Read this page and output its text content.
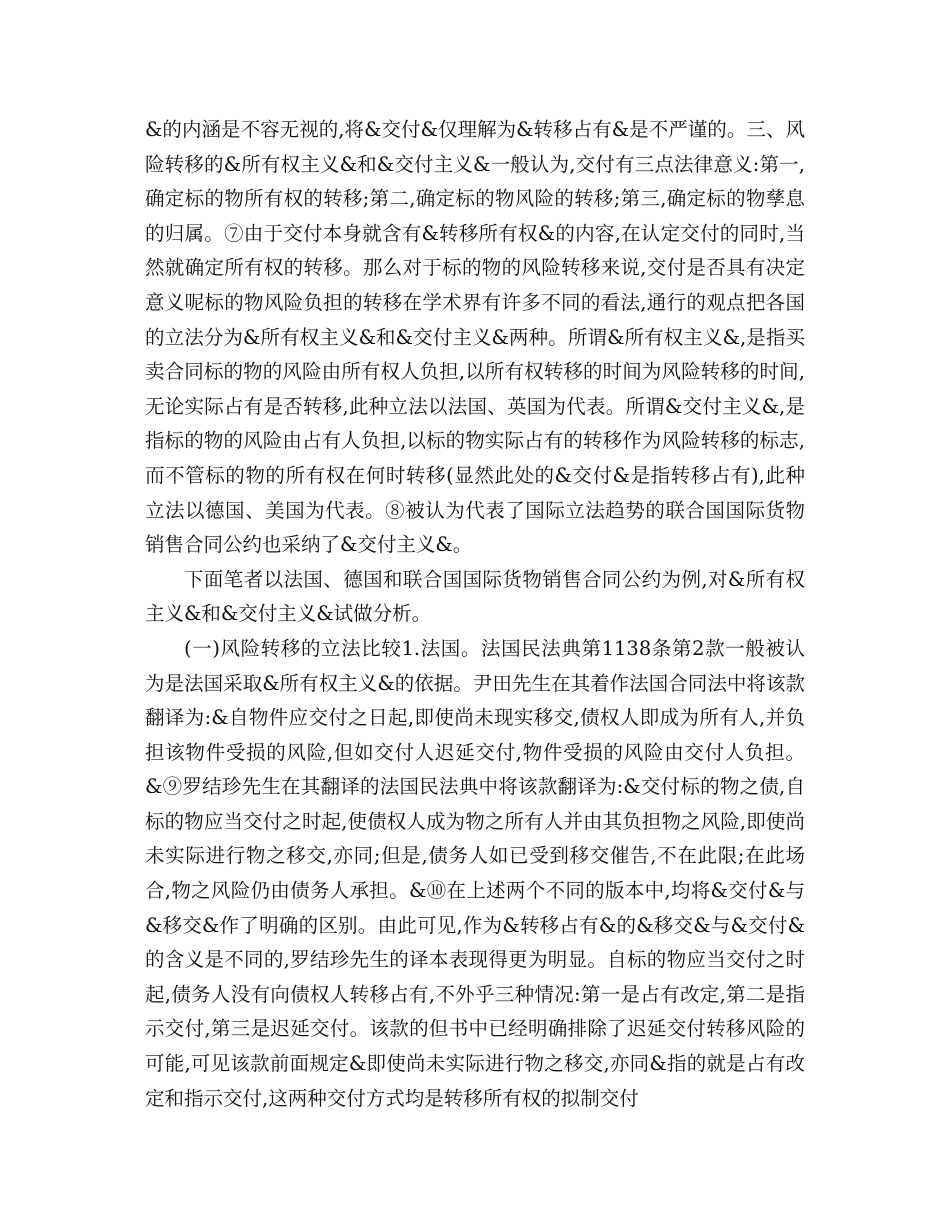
&的内涵是不容无视的,将&交付&仅理解为&转移占有&是不严谨的。三、风险转移的&所有权主义&和&交付主义&一般认为,交付有三点法律意义:第一,确定标的物所有权的转移;第二,确定标的物风险的转移;第三,确定标的物孳息的归属。⑦由于交付本身就含有&转移所有权&的内容,在认定交付的同时,当然就确定所有权的转移。那么对于标的物的风险转移来说,交付是否具有决定意义呢标的物风险负担的转移在学术界有许多不同的看法,通行的观点把各国的立法分为&所有权主义&和&交付主义&两种。所谓&所有权主义&,是指买卖合同标的物的风险由所有权人负担,以所有权转移的时间为风险转移的时间,无论实际占有是否转移,此种立法以法国、英国为代表。所谓&交付主义&,是指标的物的风险由占有人负担,以标的物实际占有的转移作为风险转移的标志,而不管标的物的所有权在何时转移(显然此处的&交付&是指转移占有),此种立法以德国、美国为代表。⑧被认为代表了国际立法趋势的联合国国际货物销售合同公约也采纳了&交付主义&。

下面笔者以法国、德国和联合国国际货物销售合同公约为例,对&所有权主义&和&交付主义&试做分析。

(一)风险转移的立法比较1.法国。法国民法典第1138条第2款一般被认为是法国采取&所有权主义&的依据。尹田先生在其着作法国合同法中将该款翻译为:&自物件应交付之日起,即使尚未现实移交,债权人即成为所有人,并负担该物件受损的风险,但如交付人迟延交付,物件受损的风险由交付人负担。&⑨罗结珍先生在其翻译的法国民法典中将该款翻译为:&交付标的物之债,自标的物应当交付之时起,使债权人成为物之所有人并由其负担物之风险,即使尚未实际进行物之移交,亦同;但是,债务人如已受到移交催告,不在此限;在此场合,物之风险仍由债务人承担。&⑩在上述两个不同的版本中,均将&交付&与&移交&作了明确的区别。由此可见,作为&转移占有&的&移交&与&交付&的含义是不同的,罗结珍先生的译本表现得更为明显。自标的物应当交付之时起,债务人没有向债权人转移占有,不外乎三种情况:第一是占有改定,第二是指示交付,第三是迟延交付。该款的但书中已经明确排除了迟延交付转移风险的可能,可见该款前面规定&即使尚未实际进行物之移交,亦同&指的就是占有改定和指示交付,这两种交付方式均是转移所有权的拟制交付
